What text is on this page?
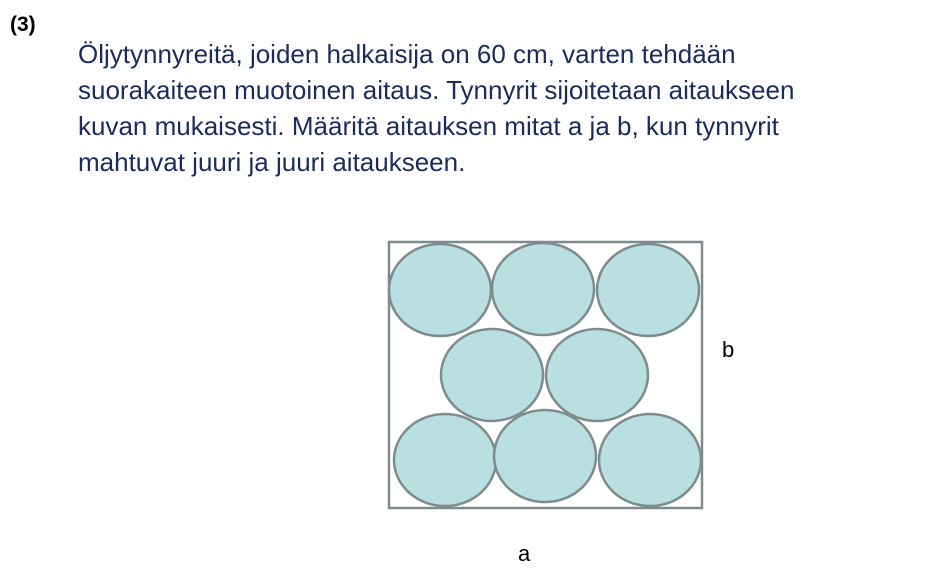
(3)
Öljytynnyreitä, joiden halkaisija on 60 cm, varten tehdään
suorakaiteen muotoinen aitaus. Tynnyrit sijoitetaan aitaukseen
kuvan mukaisesti. Määritä aitauksen mitat a ja b, kun tynnyrit
mahtuvat juuri ja juuri aitaukseen.
b
a
